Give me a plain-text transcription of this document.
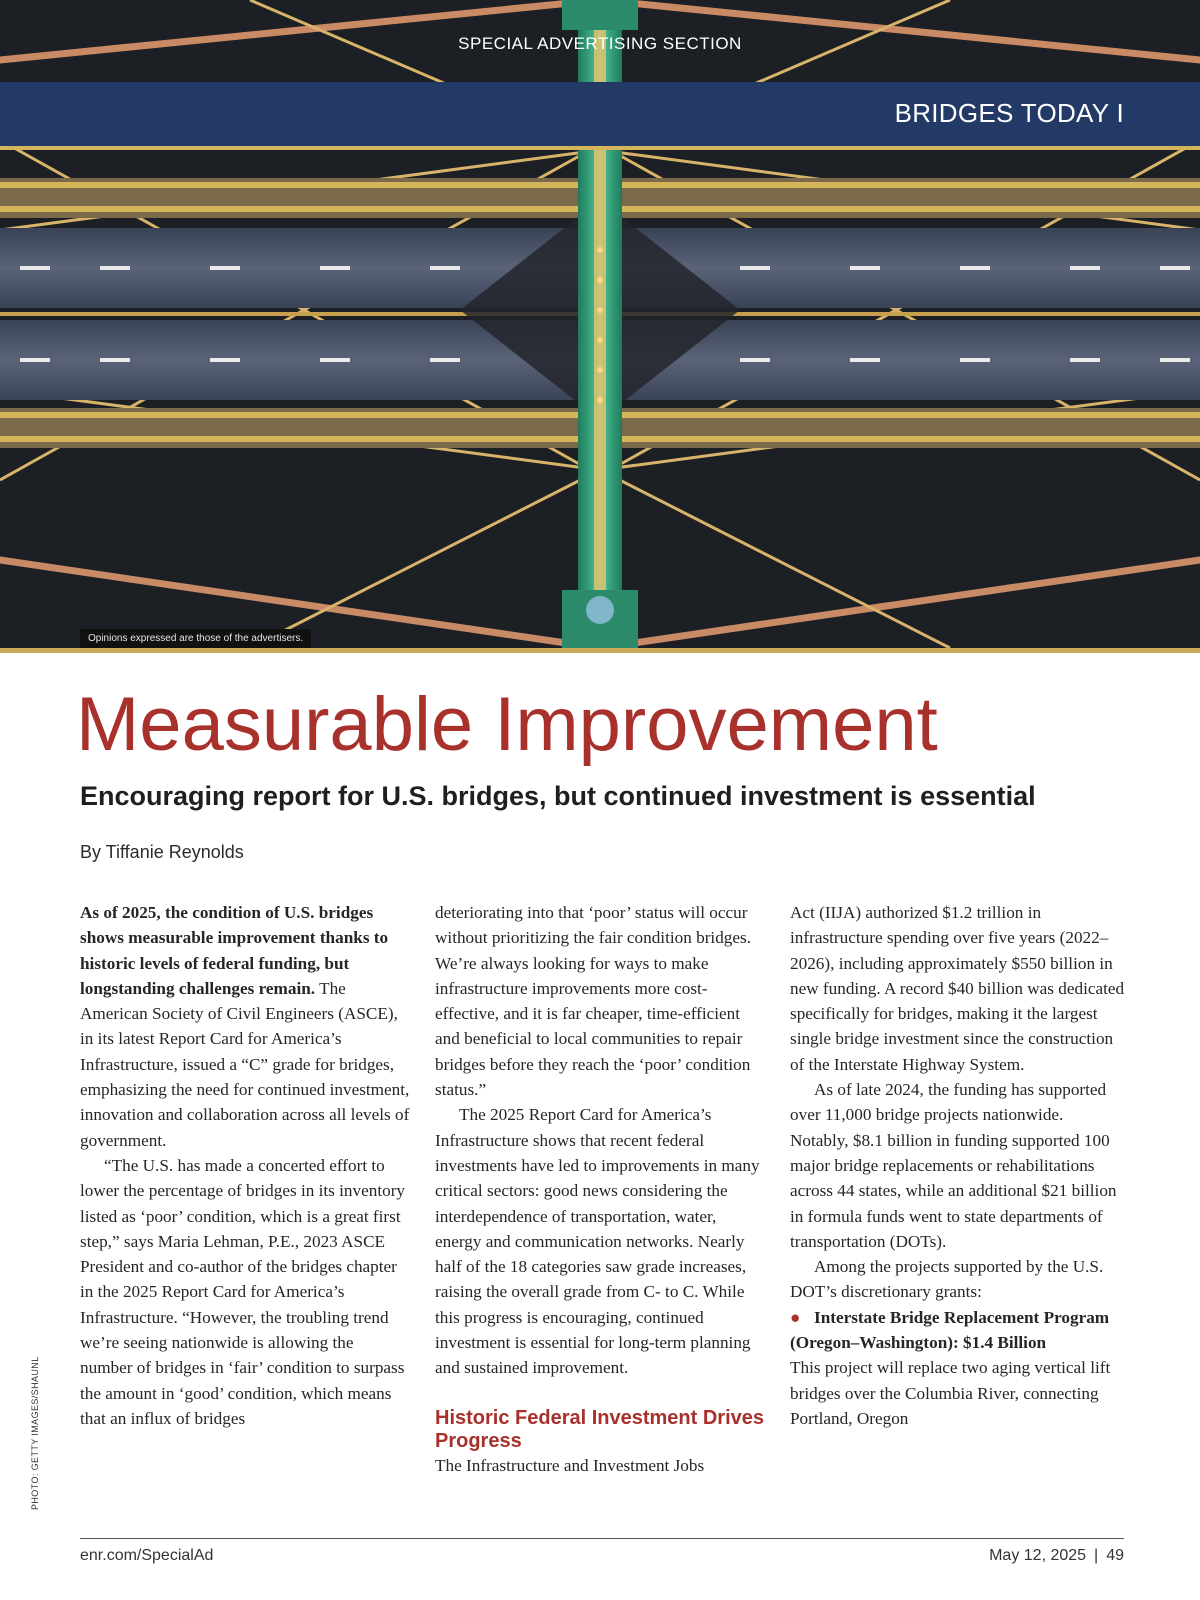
SPECIAL ADVERTISING SECTION
BRIDGES TODAY I
Opinions expressed are those of the advertisers.
Measurable Improvement
Encouraging report for U.S. bridges, but continued investment is essential
By Tiffanie Reynolds

As of 2025, the condition of U.S. bridges shows measurable improvement thanks to historic levels of federal funding, but longstanding challenges remain. The American Society of Civil Engineers (ASCE), in its latest Report Card for America’s Infrastructure, issued a “C” grade for bridges, emphasizing the need for continued investment, innovation and collaboration across all levels of government.

“The U.S. has made a concerted effort to lower the percentage of bridges in its inventory listed as ‘poor’ condition, which is a great first step,” says Maria Lehman, P.E., 2023 ASCE President and co-author of the bridges chapter in the 2025 Report Card for America’s Infrastructure. “However, the troubling trend we’re seeing nationwide is allowing the number of bridges in ‘fair’ condition to surpass the amount in ‘good’ condition, which means that an influx of bridges

deteriorating into that ‘poor’ status will occur without prioritizing the fair condition bridges. We’re always looking for ways to make infrastructure improvements more cost-effective, and it is far cheaper, time-efficient and beneficial to local communities to repair bridges before they reach the ‘poor’ condition status.”

The 2025 Report Card for America’s Infrastructure shows that recent federal investments have led to improvements in many critical sectors: good news considering the interdependence of transportation, water, energy and communication networks. Nearly half of the 18 categories saw grade increases, raising the overall grade from C- to C. While this progress is encouraging, continued investment is essential for long-term planning and sustained improvement.

Historic Federal Investment Drives Progress

The Infrastructure and Investment Jobs

Act (IIJA) authorized $1.2 trillion in infrastructure spending over five years (2022–2026), including approximately $550 billion in new funding. A record $40 billion was dedicated specifically for bridges, making it the largest single bridge investment since the construction of the Interstate Highway System.

As of late 2024, the funding has supported over 11,000 bridge projects nationwide. Notably, $8.1 billion in funding supported 100 major bridge replacements or rehabilitations across 44 states, while an additional $21 billion in formula funds went to state departments of transportation (DOTs).

Among the projects supported by the U.S. DOT’s discretionary grants:

● Interstate Bridge Replacement Program (Oregon–Washington): $1.4 Billion

This project will replace two aging vertical lift bridges over the Columbia River, connecting Portland, Oregon

PHOTO: GETTY IMAGES/SHAUNL
enr.com/SpecialAd	May 12, 2025 | 49
